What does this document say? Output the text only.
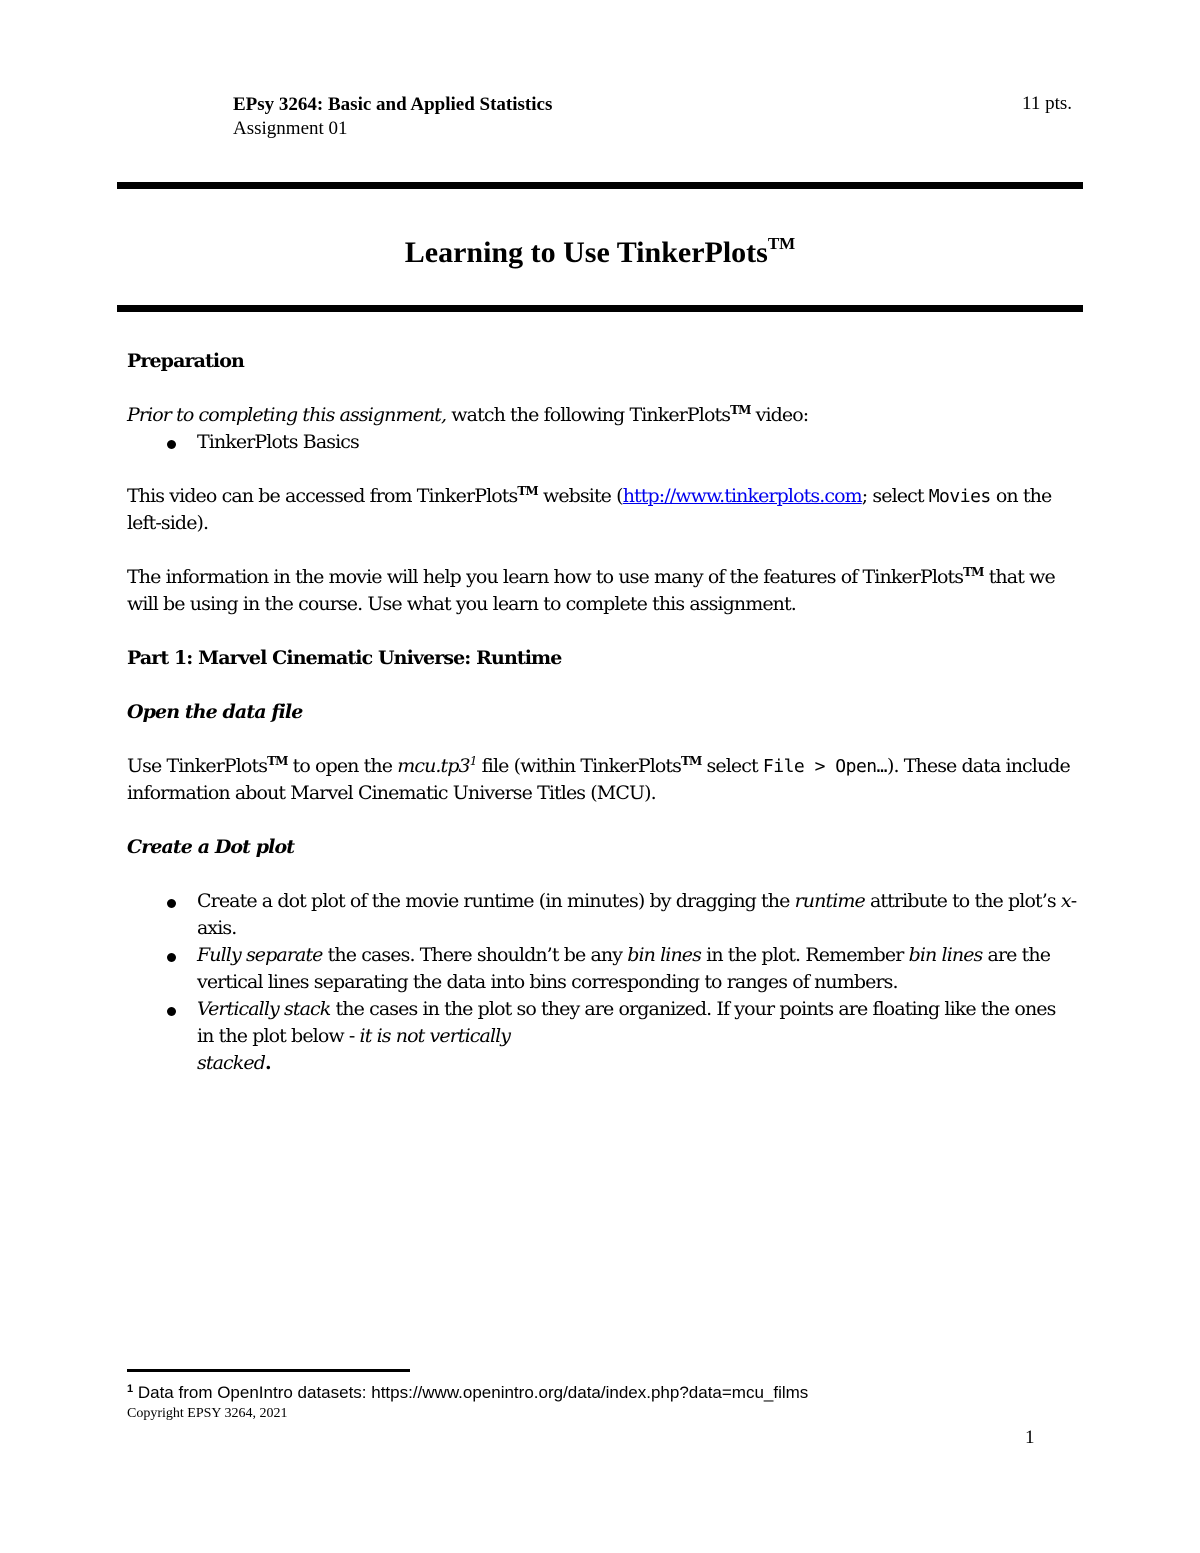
EPsy 3264: Basic and Applied Statistics
Assignment 01
11 pts.
Learning to Use TinkerPlots™

Preparation

Prior to completing this assignment, watch the following TinkerPlots™ video:

TinkerPlots Basics

This video can be accessed from TinkerPlots™ website (http://www.tinkerplots.com; select Movies on the left-side).

The information in the movie will help you learn how to use many of the features of TinkerPlots™ that we will be using in the course. Use what you learn to complete this assignment.

Part 1: Marvel Cinematic Universe: Runtime

Open the data file

Use TinkerPlots™ to open the $mcu.tp3^1$ file (within TinkerPlots™ select File > Open…). These data include information about Marvel Cinematic Universe Titles (MCU).

Create a Dot plot

Create a dot plot of the movie runtime (in minutes) by dragging the runtime attribute to the plot’s x-axis.
Fully separate the cases. There shouldn’t be any bin lines in the plot. Remember bin lines are the vertical lines separating the data into bins corresponding to ranges of numbers.
Vertically stack the cases in the plot so they are organized. If your points are floating like the ones in the plot below - it is not vertically
stacked.
$^1$ Data from OpenIntro datasets: https://www.openintro.org/data/index.php?data=mcu_films
Copyright EPSY 3264, 2021
1
